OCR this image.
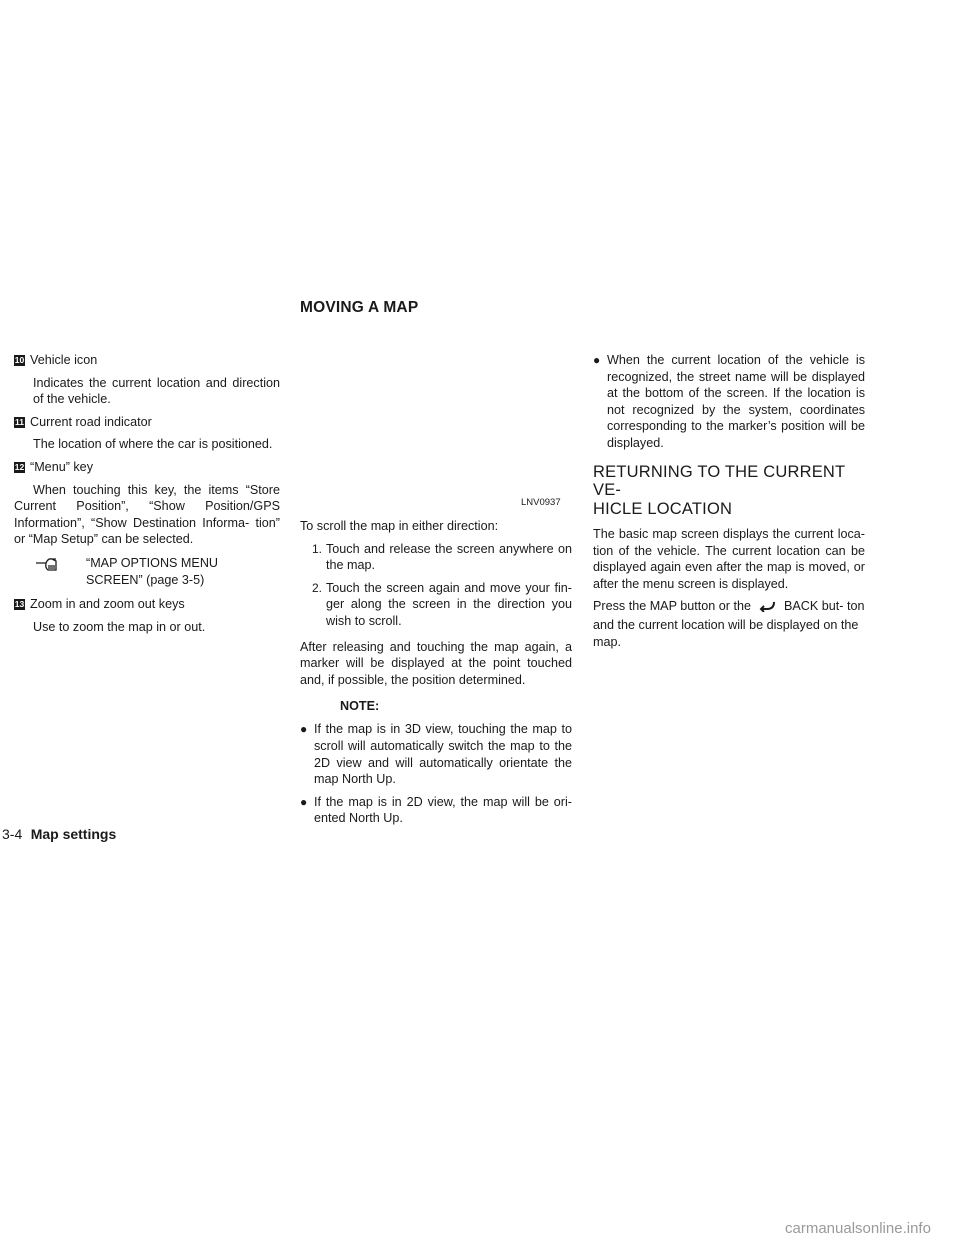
MOVING A MAP
10 Vehicle icon

Indicates the current location and direction of the vehicle.

11 Current road indicator

The location of where the car is positioned.

12 “Menu” key

When touching this key, the items “Store Current Position”, “Show Position/GPS Information”, “Show Destination Informa- tion” or “Map Setup” can be selected.

“MAP OPTIONS MENU
SCREEN” (page 3-5)
13 Zoom in and zoom out keys

Use to zoom the map in or out.

LNV0937

To scroll the map in either direction:

1. Touch and release the screen anywhere on the map.
2. Touch the screen again and move your fin- ger along the screen in the direction you wish to scroll.

After releasing and touching the map again, a marker will be displayed at the point touched and, if possible, the position determined.

NOTE:
● If the map is in 3D view, touching the map to scroll will automatically switch the map to the 2D view and will automatically orientate the map North Up.
● If the map is in 2D view, the map will be ori- ented North Up.
● When the current location of the vehicle is recognized, the street name will be displayed at the bottom of the screen. If the location is not recognized by the system, coordinates corresponding to the marker’s position will be displayed.
RETURNING TO THE CURRENT VE-
HICLE LOCATION

The basic map screen displays the current loca- tion of the vehicle. The current location can be displayed again even after the map is moved, or after the menu screen is displayed.

Press the MAP button or the	BACK but- ton and the current location will be displayed on the map.

3-4 Map settings
carmanualsonline.info
